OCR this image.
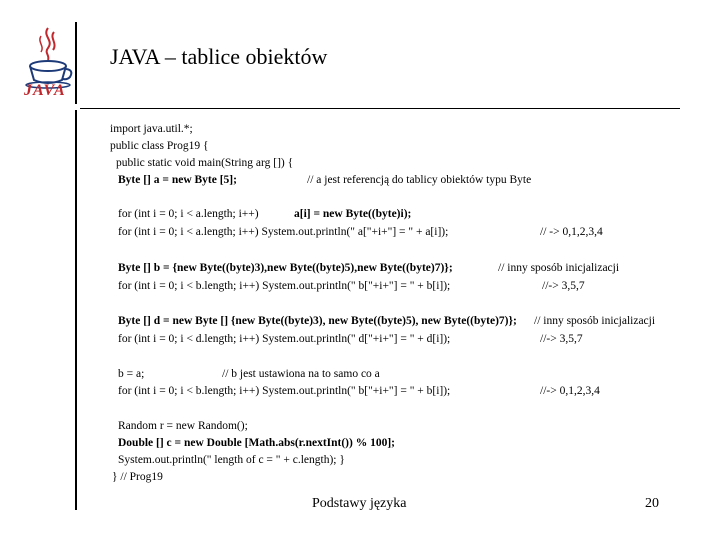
JAVA
JAVA – tablice obiektów
import java.util.*;
public class Prog19 {
public static void main(String arg []) {
Byte [] a = new Byte [5];	// a jest referencją do tablicy obiektów typu Byte
for (int i = 0; i < a.length; i++)	a[i] = new Byte((byte)i);
for (int i = 0; i < a.length; i++) System.out.println(" a["+i+"] = " + a[i]);	// -> 0,1,2,3,4
Byte [] b = {new Byte((byte)3),new Byte((byte)5),new Byte((byte)7)};	// inny sposób inicjalizacji
for (int i = 0; i < b.length; i++) System.out.println(" b["+i+"] = " + b[i]);	//-> 3,5,7
Byte [] d = new Byte [] {new Byte((byte)3), new Byte((byte)5), new Byte((byte)7)}; // inny sposób inicjalizacji
for (int i = 0; i < d.length; i++) System.out.println(" d["+i+"] = " + d[i]);	//-> 3,5,7
b = a;	// b jest ustawiona na to samo co a
for (int i = 0; i < b.length; i++) System.out.println(" b["+i+"] = " + b[i]);	//-> 0,1,2,3,4
Random r = new Random();
Double [] c = new Double [Math.abs(r.nextInt()) % 100];
System.out.println(" length of c = " + c.length); }
} // Prog19
Podstawy języka	20
